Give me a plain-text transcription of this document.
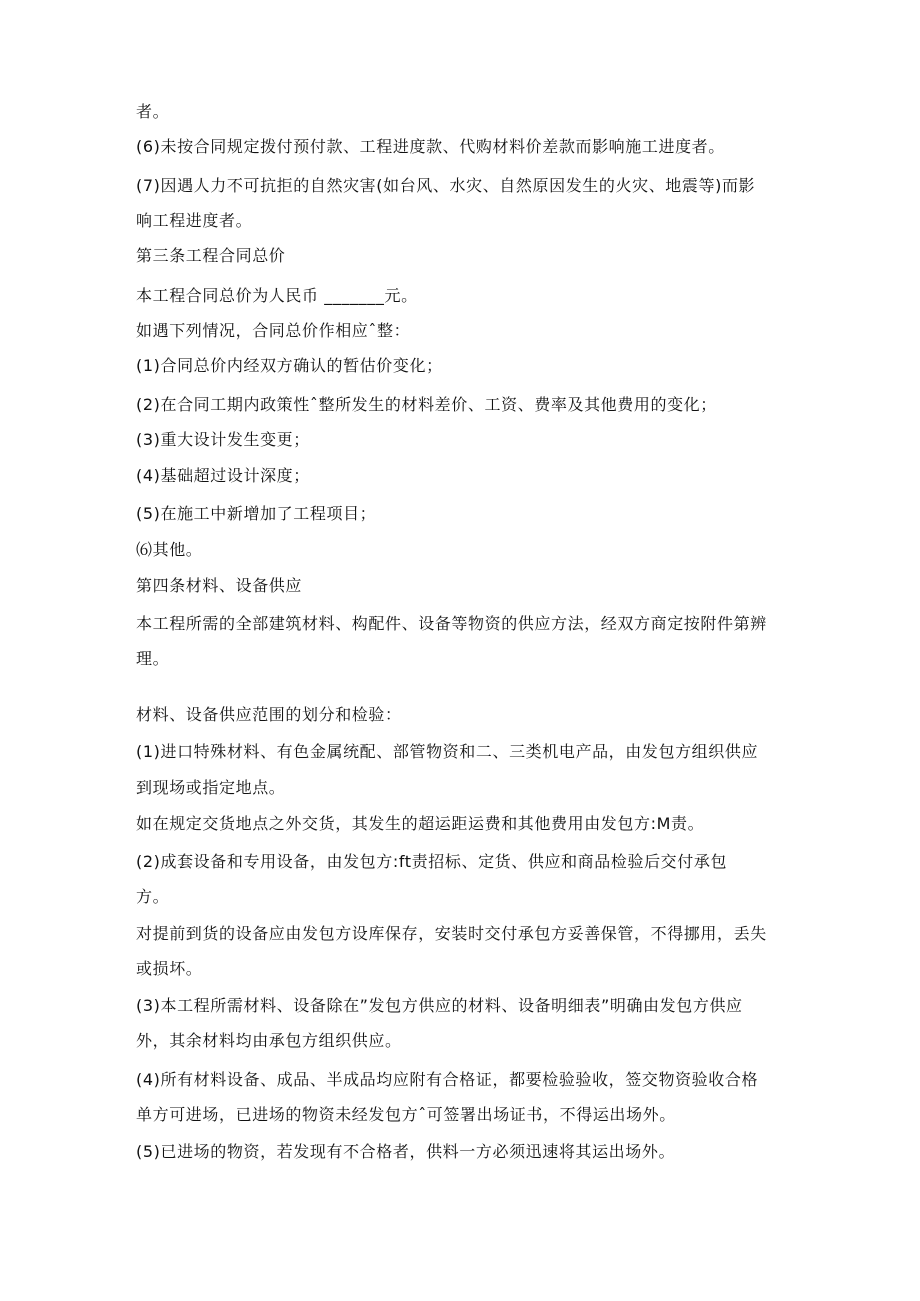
者。
(6)未按合同规定拨付预付款、工程进度款、代购材料价差款而影响施工进度者。
(7)因遇人力不可抗拒的自然灾害(如台风、水灾、自然原因发生的火灾、地震等)而影
响工程进度者。
第三条工程合同总价
本工程合同总价为人民币 _______元。
如遇下列情况，合同总价作相应ˆ整：
(1)合同总价内经双方确认的暂估价变化；
(2)在合同工期内政策性ˆ整所发生的材料差价、工资、费率及其他费用的变化；
(3)重大设计发生变更；
(4)基础超过设计深度；
(5)在施工中新增加了工程项目；
⑹其他。
第四条材料、设备供应
本工程所需的全部建筑材料、构配件、设备等物资的供应方法，经双方商定按附件第辨
理。
材料、设备供应范围的划分和检验：
(1)进口特殊材料、有色金属统配、部管物资和二、三类机电产品，由发包方组织供应
到现场或指定地点。
如在规定交货地点之外交货，其发生的超运距运费和其他费用由发包方:M责。
(2)成套设备和专用设备，由发包方:ft责招标、定货、供应和商品检验后交付承包
方。
对提前到货的设备应由发包方设库保存，安装时交付承包方妥善保管，不得挪用，丢失
或损坏。
(3)本工程所需材料、设备除在”发包方供应的材料、设备明细表”明确由发包方供应
外，其余材料均由承包方组织供应。
(4)所有材料设备、成品、半成品均应附有合格证，都要检验验收，签交物资验收合格
单方可进场，已进场的物资未经发包方ˆ可签署出场证书，不得运出场外。
(5)已进场的物资，若发现有不合格者，供料一方必须迅速将其运出场外。
